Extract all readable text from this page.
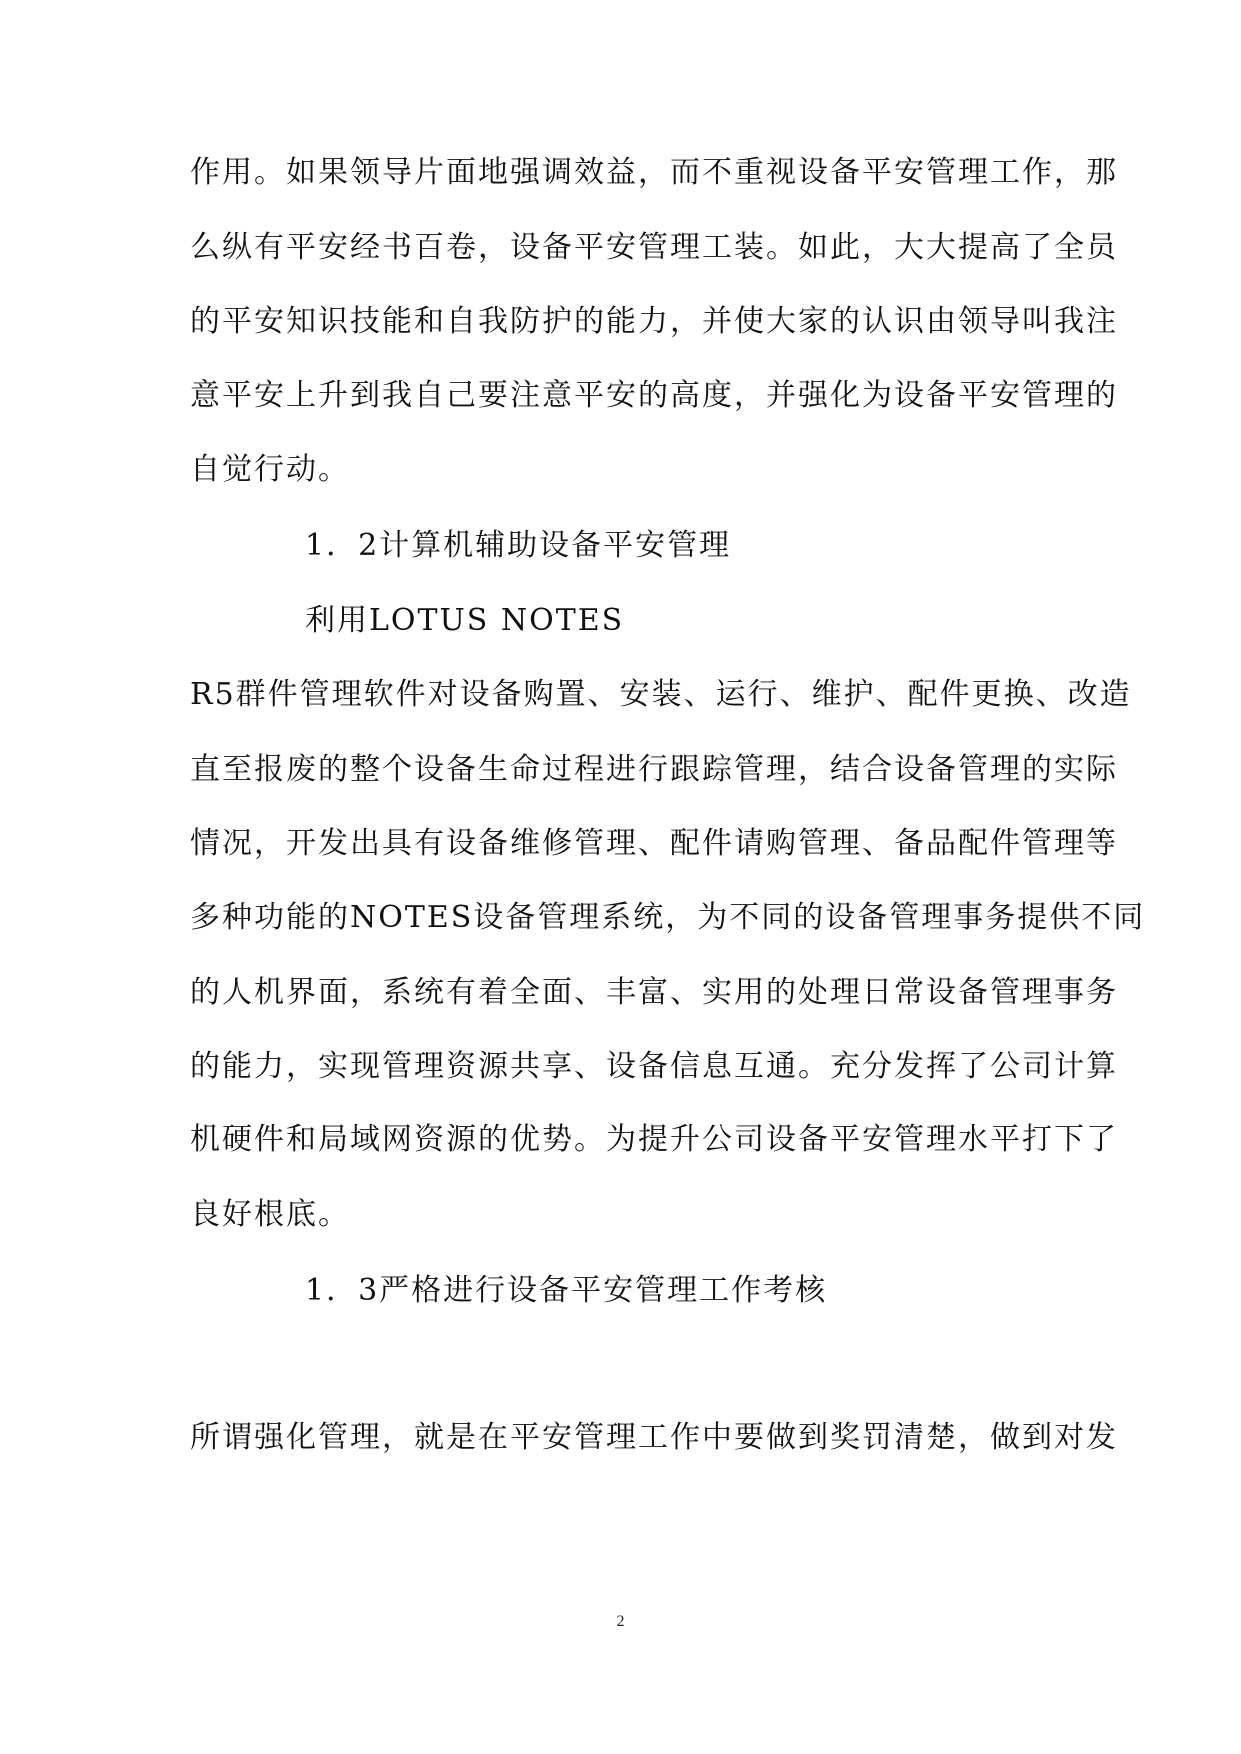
作用。如果领导片面地强调效益，而不重视设备平安管理工作，那
么纵有平安经书百卷，设备平安管理工装。如此，大大提高了全员
的平安知识技能和自我防护的能力，并使大家的认识由领导叫我注
意平安上升到我自己要注意平安的高度，并强化为设备平安管理的
自觉行动。
1．2计算机辅助设备平安管理
利用LOTUS NOTES
R5群件管理软件对设备购置、安装、运行、维护、配件更换、改造
直至报废的整个设备生命过程进行跟踪管理，结合设备管理的实际
情况，开发出具有设备维修管理、配件请购管理、备品配件管理等
多种功能的NOTES设备管理系统，为不同的设备管理事务提供不同
的人机界面，系统有着全面、丰富、实用的处理日常设备管理事务
的能力，实现管理资源共享、设备信息互通。充分发挥了公司计算
机硬件和局域网资源的优势。为提升公司设备平安管理水平打下了
良好根底。
1．3严格进行设备平安管理工作考核
所谓强化管理，就是在平安管理工作中要做到奖罚清楚，做到对发
2
